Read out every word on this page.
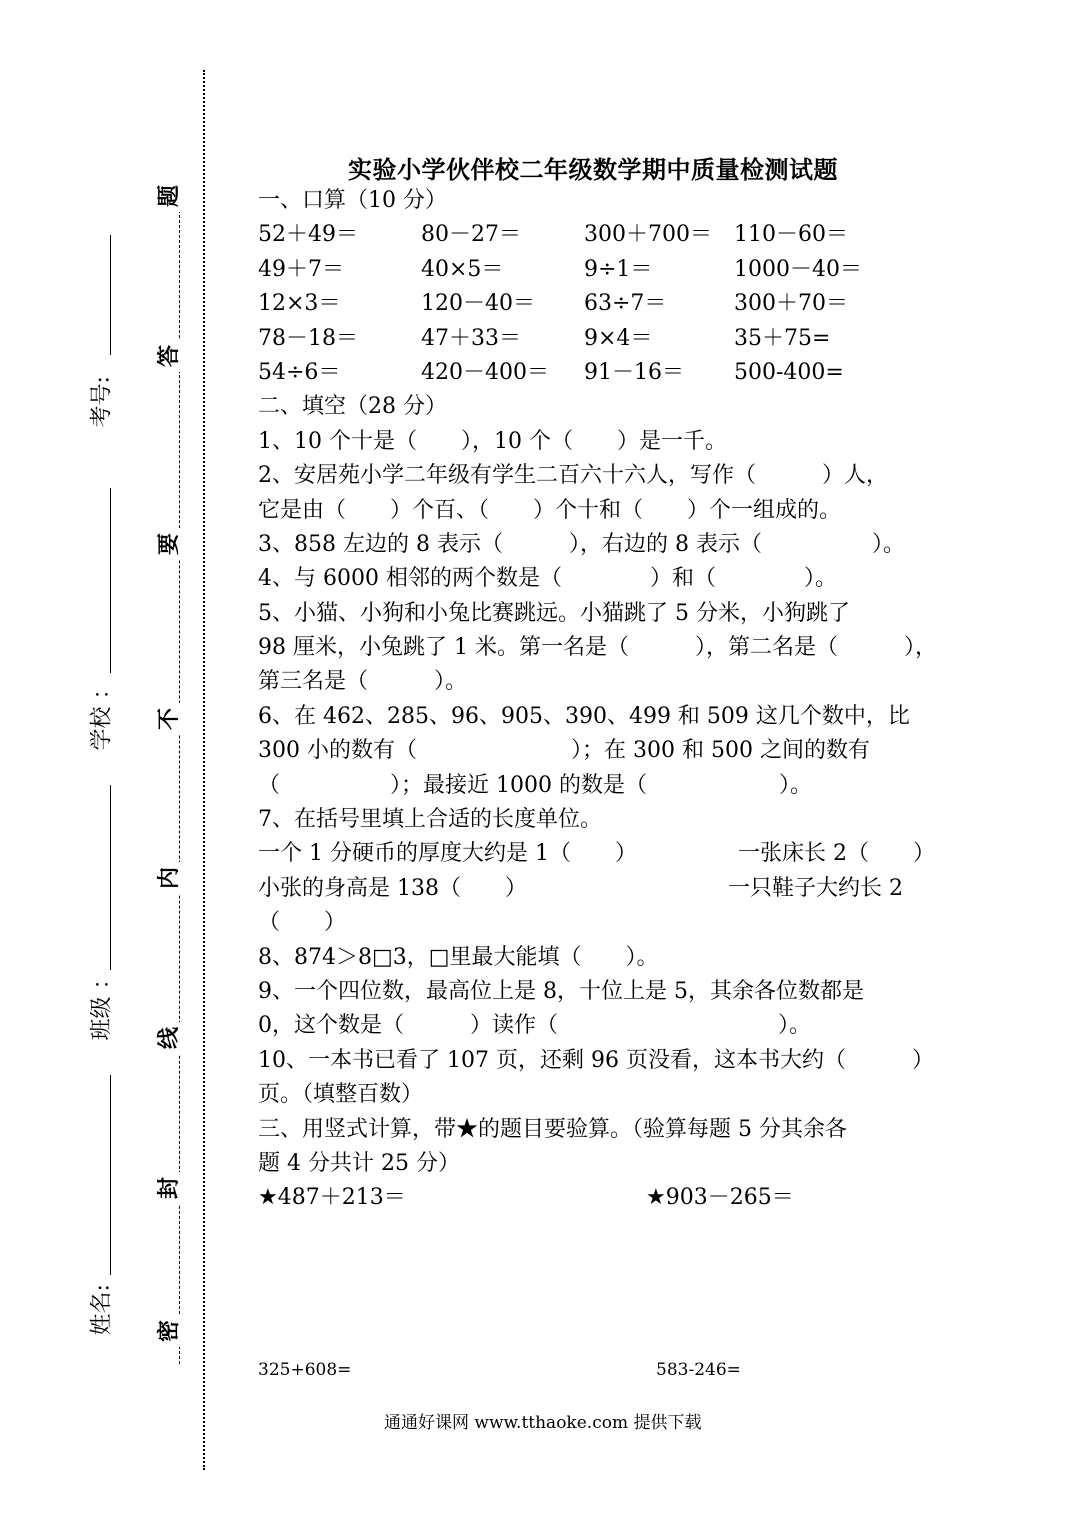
考号:
学校 ：
班级 ：
姓名:
题
答
要
不
内
线
封
密
实验小学伙伴校二年级数学期中质量检测试题
一、口算（10 分）
52＋49＝	80－27＝	300＋700＝ 110－60＝
49＋7＝	40×5＝	9÷1＝	1000－40＝
12×3＝	120－40＝ 63÷7＝	300＋70＝
78－18＝	47＋33＝	9×4＝	35＋75=
54÷6＝	420－400＝ 91－16＝ 500-400=
二、填空（28 分）
1、10 个十是（　　），10 个（　　）是一千。
2、安居苑小学二年级有学生二百六十六人，写作（　　　）人，
它是由（　　）个百、（　　）个十和（　　）个一组成的。
3、858 左边的 8 表示（　　　），右边的 8 表示（　　　　　）。
4、与 6000 相邻的两个数是（　　　　）和（　　　　）。
5、小猫、小狗和小兔比赛跳远。小猫跳了 5 分米，小狗跳了
98 厘米，小兔跳了 1 米。第一名是（　　　），第二名是（　　　），
第三名是（　　　）。
6、在 462、285、96、905、390、499 和 509 这几个数中，比
300 小的数有（　　　　　　　）；在 300 和 500 之间的数有
（　　　　　）；最接近 1000 的数是（　　　　　　）。
7、在括号里填上合适的长度单位。
一个 1 分硬币的厚度大约是 1（　　）	一张床长 2（　　）
小张的身高是 138（　　）	一只鞋子大约长 2
（　　）
8、874＞8□3，□里最大能填（　　）。
9、一个四位数，最高位上是 8，十位上是 5，其余各位数都是
0，这个数是（　　　）读作（　　　　　　　　　　）。
10、一本书已看了 107 页，还剩 96 页没看，这本书大约（　　　）
页。（填整百数）
三、用竖式计算，带★的题目要验算。（验算每题 5 分其余各
题 4 分共计 25 分）
★487＋213＝	★903－265＝
325+608=	583-246=
通通好课网 www.tthaoke.com 提供下载
